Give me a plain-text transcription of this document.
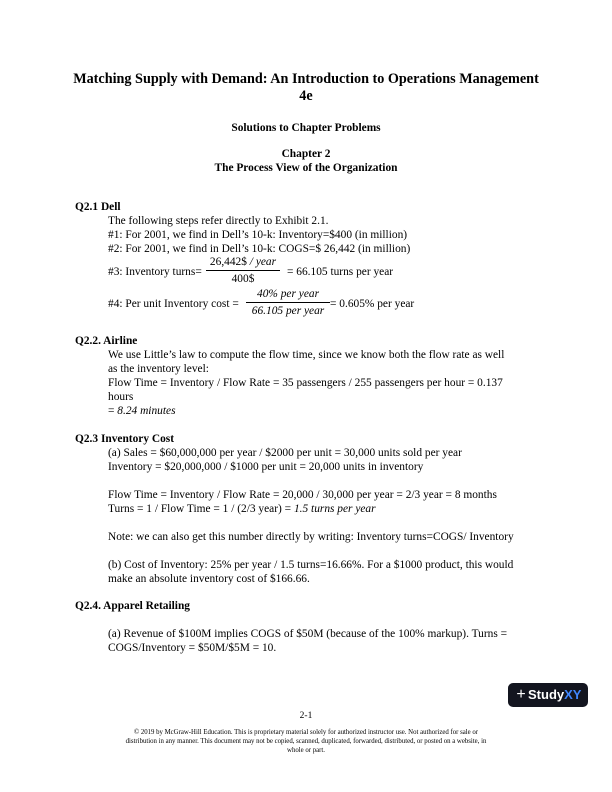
Matching Supply with Demand: An Introduction to Operations Management
4e
Solutions to Chapter Problems
Chapter 2
The Process View of the Organization
Q2.1 Dell
The following steps refer directly to Exhibit 2.1.
#1: For 2001, we find in Dell’s 10-k: Inventory=$400 (in million)
#2: For 2001, we find in Dell’s 10-k: COGS=$ 26,442 (in million)
#3: Inventory turns=
26,442$ / year
400$
= 66.105 turns per year
#4: Per unit Inventory cost =
40% per year
66.105 per year
= 0.605% per year
Q2.2. Airline
We use Little’s law to compute the flow time, since we know both the flow rate as well
as the inventory level:
Flow Time = Inventory / Flow Rate = 35 passengers / 255 passengers per hour = 0.137
hours
= 8.24 minutes
Q2.3 Inventory Cost
(a) Sales = $60,000,000 per year / $2000 per unit = 30,000 units sold per year
Inventory = $20,000,000 / $1000 per unit = 20,000 units in inventory
Flow Time = Inventory / Flow Rate = 20,000 / 30,000 per year = 2/3 year = 8 months
Turns = 1 / Flow Time = 1 / (2/3 year) = 1.5 turns per year
Note: we can also get this number directly by writing: Inventory turns=COGS/ Inventory
(b) Cost of Inventory: 25% per year / 1.5 turns=16.66%. For a $1000 product, this would
make an absolute inventory cost of $166.66.
Q2.4. Apparel Retailing
(a) Revenue of $100M implies COGS of $50M (because of the 100% markup). Turns =
COGS/Inventory = $50M/$5M = 10.
+ StudyXY
2-1
© 2019 by McGraw-Hill Education. This is proprietary material solely for authorized instructor use. Not authorized for sale or
distribution in any manner. This document may not be copied, scanned, duplicated, forwarded, distributed, or posted on a website, in
whole or part.
